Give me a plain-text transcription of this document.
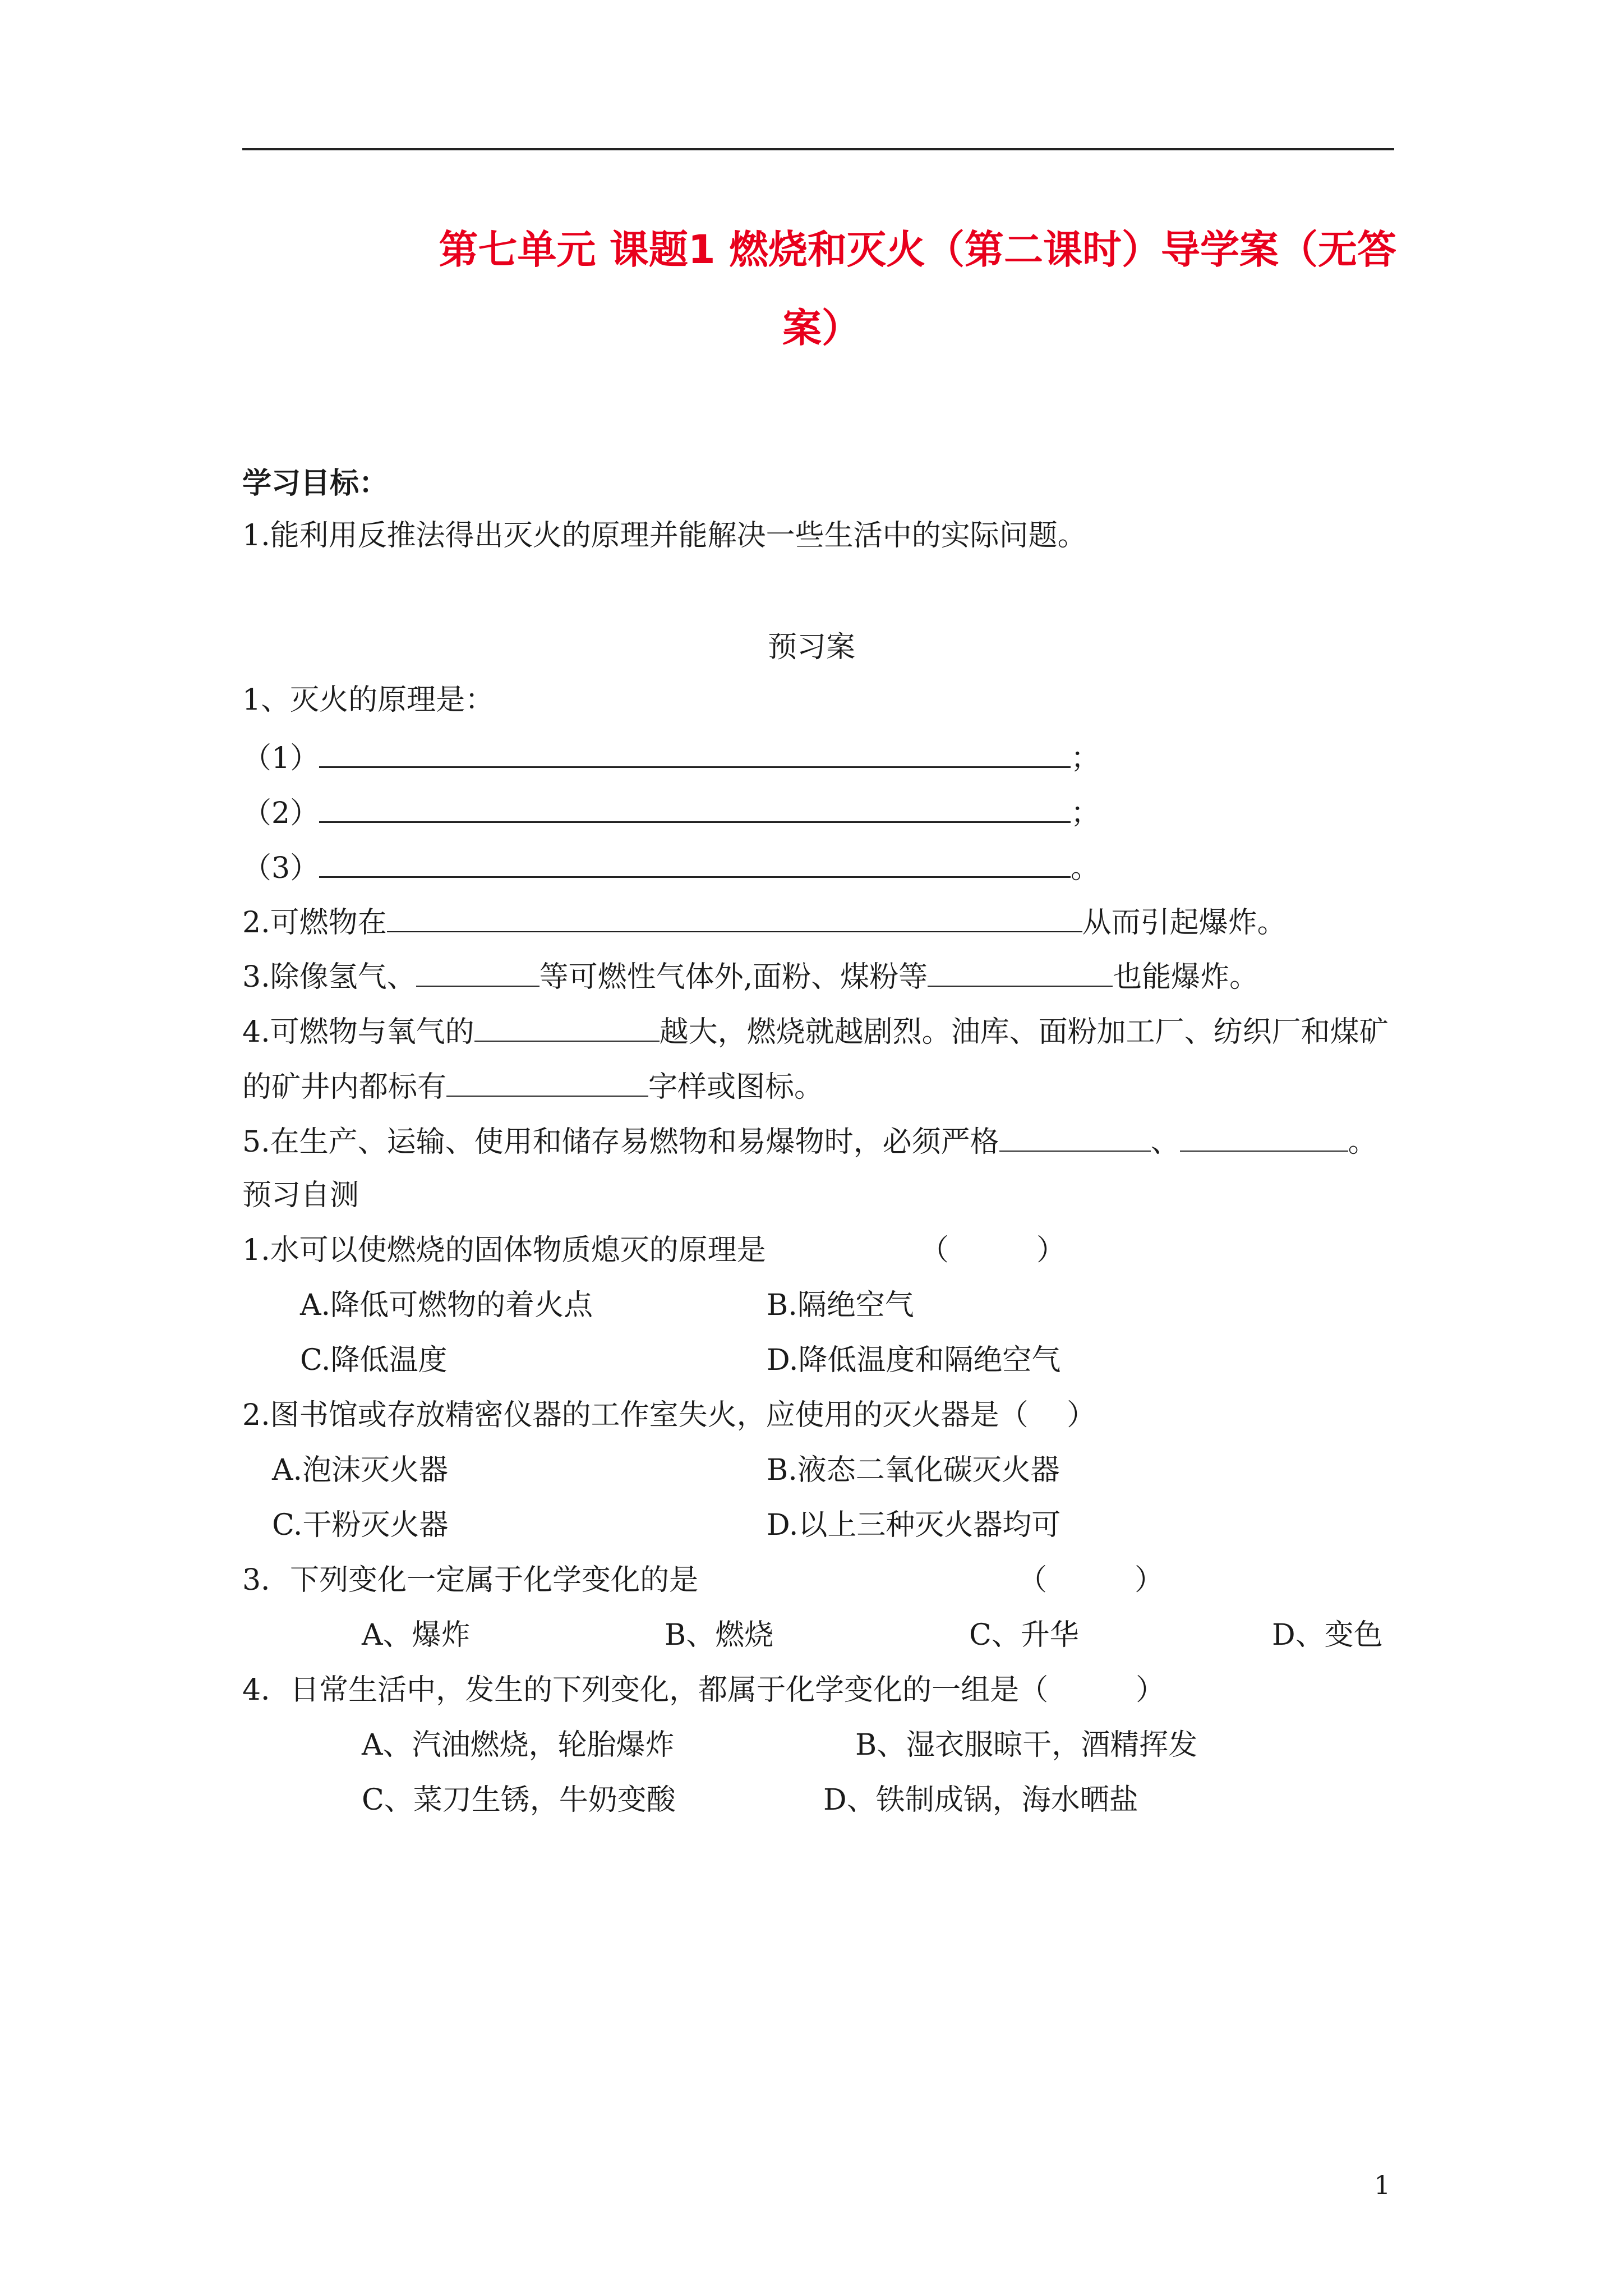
第七单元 课题1 燃烧和灭火（第二课时）导学案（无答
案）
学习目标：
1.能利用反推法得出灭火的原理并能解决一些生活中的实际问题。
预习案
1、灭火的原理是：
（1）	；
（2）	；
（3）	。
2.可燃物在	从而引起爆炸。
3.除像氢气、	等可燃性气体外,面粉、煤粉等	也能爆炸。
4.可燃物与氧气的	越大，燃烧就越剧烈。油库、面粉加工厂、纺织厂和煤矿
的矿井内都标有	字样或图标。
5.在生产、运输、使用和储存易燃物和易爆物时，必须严格	、	。
预习自测
1.水可以使燃烧的固体物质熄灭的原理是	（　　　）
A.降低可燃物的着火点	B.隔绝空气
C.降低温度	D.降低温度和隔绝空气
2.图书馆或存放精密仪器的工作室失火，应使用的灭火器是（　 ）
A.泡沫灭火器	B.液态二氧化碳灭火器
C.干粉灭火器	D.以上三种灭火器均可
3．下列变化一定属于化学变化的是	（　　　）
A、爆炸	B、燃烧	C、升华	D、变色
4．日常生活中，发生的下列变化，都属于化学变化的一组是（　　　）
A、汽油燃烧，轮胎爆炸	B、湿衣服晾干，酒精挥发
C、菜刀生锈，牛奶变酸	D、铁制成锅，海水晒盐
1
